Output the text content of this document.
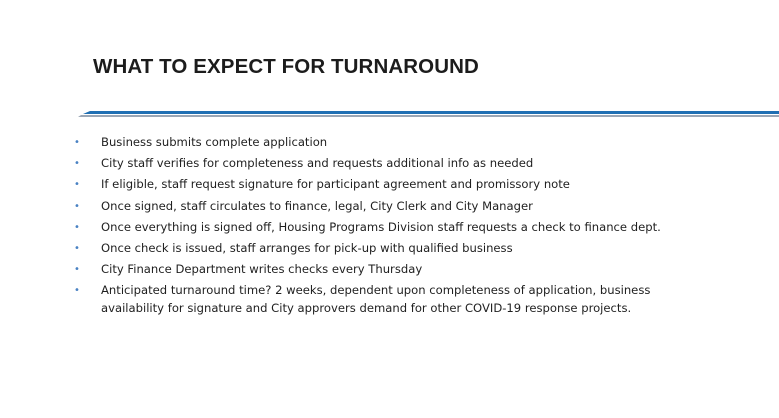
WHAT TO EXPECT FOR TURNAROUND
• Business submits complete application
• City staff verifies for completeness and requests additional info as needed
• If eligible, staff request signature for participant agreement and promissory note
• Once signed, staff circulates to finance, legal, City Clerk and City Manager
• Once everything is signed off, Housing Programs Division staff requests a check to finance dept.
• Once check is issued, staff arranges for pick-up with qualified business
• City Finance Department writes checks every Thursday
• Anticipated turnaround time? 2 weeks, dependent upon completeness of application, business availability for signature and City approvers demand for other COVID-19 response projects.
